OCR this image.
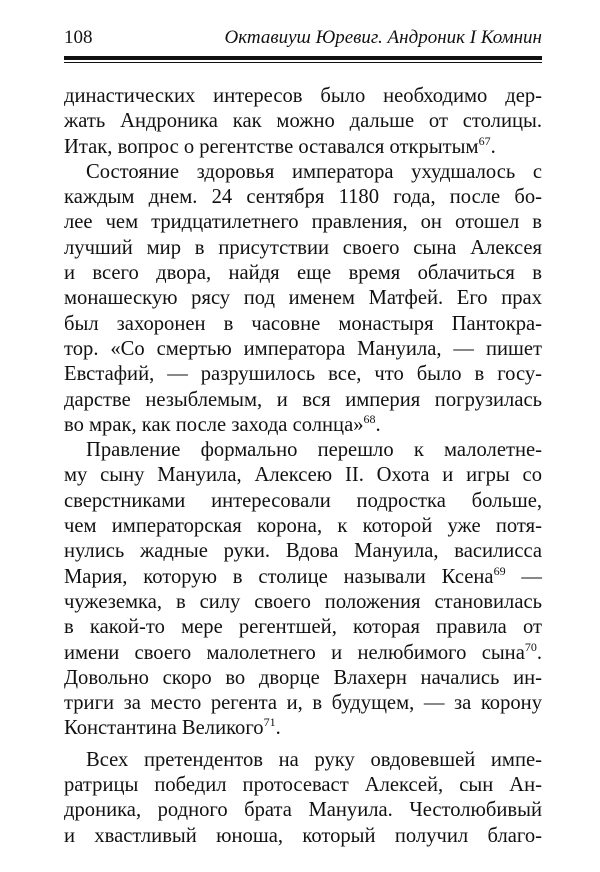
108	Октавиуш Юревиг. Андроник I Комнин
династических интересов было необходимо дер-
жать Андроника как можно дальше от столицы.
Итак, вопрос о регентстве оставался открытым$^{67}$.
Состояние здоровья императора ухудшалось с
каждым днем. 24 сентября 1180 года, после бо-
лее чем тридцатилетнего правления, он отошел в
лучший мир в присутствии своего сына Алексея
и всего двора, найдя еще время облачиться в
монашескую рясу под именем Матфей. Его прах
был захоронен в часовне монастыря Пантокра-
тор. «Со смертью императора Мануила, — пишет
Евстафий, — разрушилось все, что было в госу-
дарстве незыблемым, и вся империя погрузилась
во мрак, как после захода солнца»$^{68}$.
Правление формально перешло к малолетне-
му сыну Мануила, Алексею II. Охота и игры со
сверстниками интересовали подростка больше,
чем императорская корона, к которой уже потя-
нулись жадные руки. Вдова Мануила, василисса
Мария, которую в столице называли Ксена$^{69}$ —
чужеземка, в силу своего положения становилась
в какой-то мере регентшей, которая правила от
имени своего малолетнего и нелюбимого сына$^{70}$.
Довольно скоро во дворце Влахерн начались ин-
триги за место регента и, в будущем, — за корону
Константина Великого$^{71}$.
Всех претендентов на руку овдовевшей импе-
ратрицы победил протосеваст Алексей, сын Ан-
дроника, родного брата Мануила. Честолюбивый
и хвастливый юноша, который получил благо-
